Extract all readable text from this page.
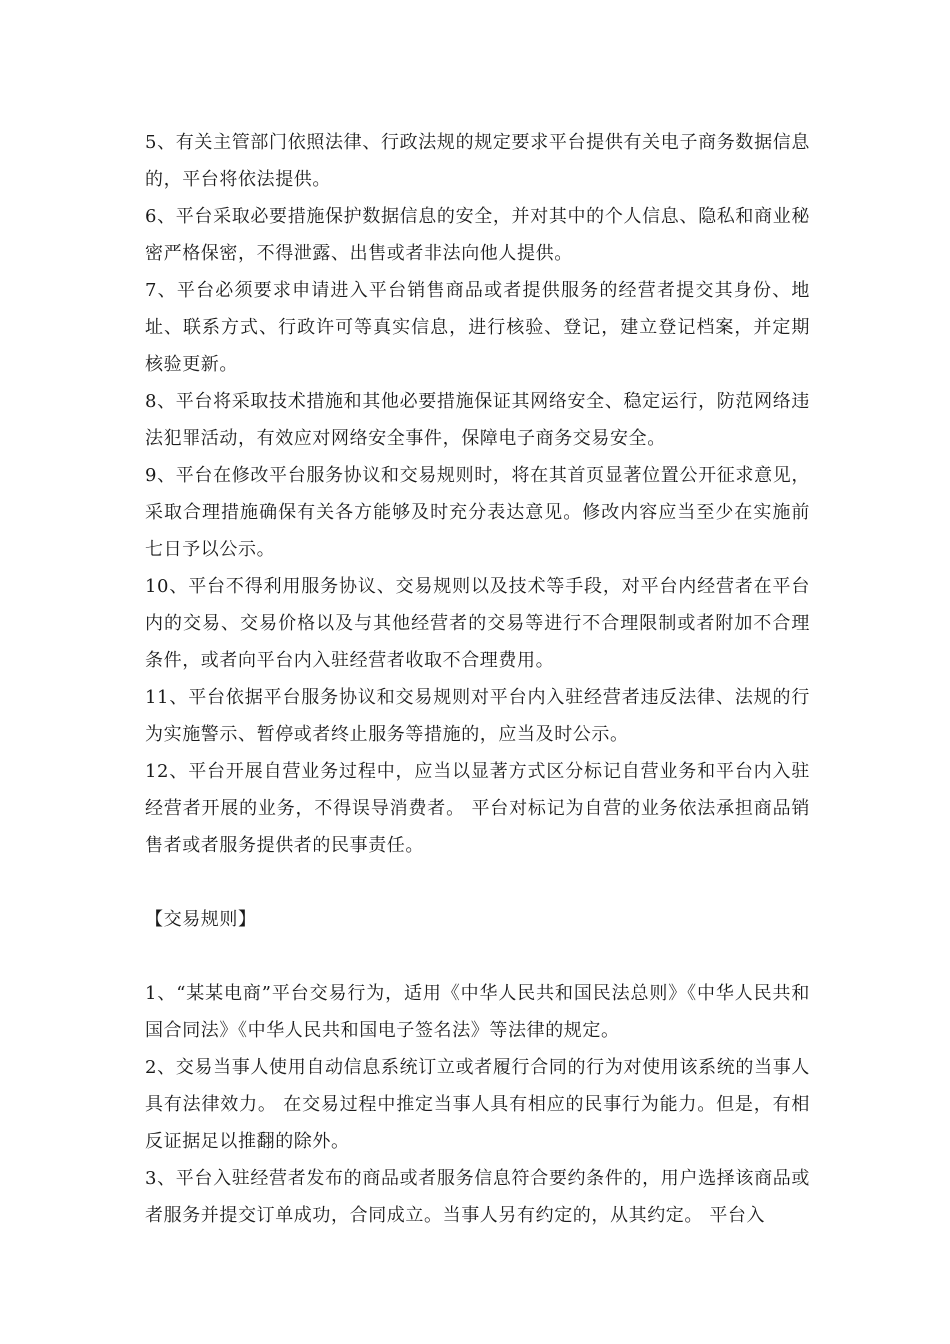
5、有关主管部门依照法律、行政法规的规定要求平台提供有关电子商务数据信息的，平台将依法提供。

6、平台采取必要措施保护数据信息的安全，并对其中的个人信息、隐私和商业秘密严格保密，不得泄露、出售或者非法向他人提供。

7、平台必须要求申请进入平台销售商品或者提供服务的经营者提交其身份、地址、联系方式、行政许可等真实信息，进行核验、登记，建立登记档案，并定期核验更新。

8、平台将采取技术措施和其他必要措施保证其网络安全、稳定运行，防范网络违法犯罪活动，有效应对网络安全事件，保障电子商务交易安全。

9、平台在修改平台服务协议和交易规则时，将在其首页显著位置公开征求意见，采取合理措施确保有关各方能够及时充分表达意见。修改内容应当至少在实施前七日予以公示。

10、平台不得利用服务协议、交易规则以及技术等手段，对平台内经营者在平台内的交易、交易价格以及与其他经营者的交易等进行不合理限制或者附加不合理条件，或者向平台内入驻经营者收取不合理费用。

11、平台依据平台服务协议和交易规则对平台内入驻经营者违反法律、法规的行为实施警示、暂停或者终止服务等措施的，应当及时公示。

12、平台开展自营业务过程中，应当以显著方式区分标记自营业务和平台内入驻经营者开展的业务，不得误导消费者。 平台对标记为自营的业务依法承担商品销售者或者服务提供者的民事责任。

【交易规则】

1、“某某电商”平台交易行为，适用《中华人民共和国民法总则》《中华人民共和国合同法》《中华人民共和国电子签名法》等法律的规定。

2、交易当事人使用自动信息系统订立或者履行合同的行为对使用该系统的当事人具有法律效力。 在交易过程中推定当事人具有相应的民事行为能力。但是，有相反证据足以推翻的除外。

3、平台入驻经营者发布的商品或者服务信息符合要约条件的，用户选择该商品或者服务并提交订单成功，合同成立。当事人另有约定的，从其约定。 平台入
